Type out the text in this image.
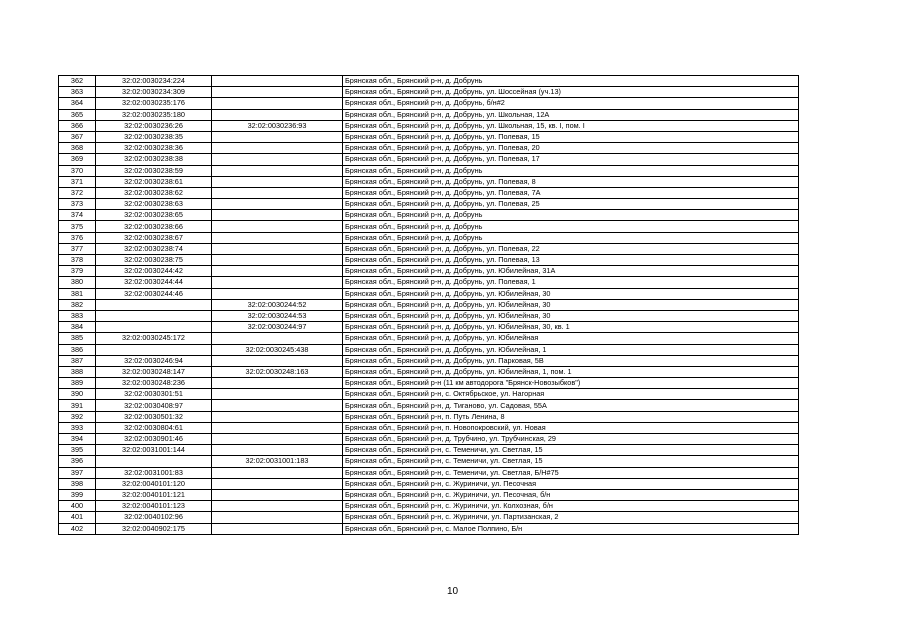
362	32:02:0030234:224		Брянская обл., Брянский р-н, д. Добрунь
363	32:02:0030234:309		Брянская обл., Брянский р-н, д. Добрунь, ул. Шоссейная (уч.13)
364	32:02:0030235:176		Брянская обл., Брянский р-н, д. Добрунь, б/н#2
365	32:02:0030235:180		Брянская обл., Брянский р-н, д. Добрунь, ул. Школьная, 12А
366	32:02:0030236:26	32:02:0030236:93	Брянская обл., Брянский р-н, д. Добрунь, ул. Школьная, 15, кв. I, пом. I
367	32:02:0030238:35		Брянская обл., Брянский р-н, д. Добрунь, ул. Полевая, 15
368	32:02:0030238:36		Брянская обл., Брянский р-н, д. Добрунь, ул. Полевая, 20
369	32:02:0030238:38		Брянская обл., Брянский р-н, д. Добрунь, ул. Полевая, 17
370	32:02:0030238:59		Брянская обл., Брянский р-н, д. Добрунь
371	32:02:0030238:61		Брянская обл., Брянский р-н, д. Добрунь, ул. Полевая, 8
372	32:02:0030238:62		Брянская обл., Брянский р-н, д. Добрунь, ул. Полевая, 7А
373	32:02:0030238:63		Брянская обл., Брянский р-н, д. Добрунь, ул. Полевая, 25
374	32:02:0030238:65		Брянская обл., Брянский р-н, д. Добрунь
375	32:02:0030238:66		Брянская обл., Брянский р-н, д. Добрунь
376	32:02:0030238:67		Брянская обл., Брянский р-н, д. Добрунь
377	32:02:0030238:74		Брянская обл., Брянский р-н, д. Добрунь, ул. Полевая, 22
378	32:02:0030238:75		Брянская обл., Брянский р-н, д. Добрунь, ул. Полевая, 13
379	32:02:0030244:42		Брянская обл., Брянский р-н, д. Добрунь, ул. Юбилейная, 31А
380	32:02:0030244:44		Брянская обл., Брянский р-н, д. Добрунь, ул. Полевая, 1
381	32:02:0030244:46		Брянская обл., Брянский р-н, д. Добрунь, ул. Юбилейная, 30
382		32:02:0030244:52	Брянская обл., Брянский р-н, д. Добрунь, ул. Юбилейная, 30
383		32:02:0030244:53	Брянская обл., Брянский р-н, д. Добрунь, ул. Юбилейная, 30
384		32:02:0030244:97	Брянская обл., Брянский р-н, д. Добрунь, ул. Юбилейная, 30, кв. 1
385	32:02:0030245:172		Брянская обл., Брянский р-н, д. Добрунь, ул. Юбилейная
386		32:02:0030245:438	Брянская обл., Брянский р-н, д. Добрунь, ул. Юбилейная, 1
387	32:02:0030246:94		Брянская обл., Брянский р-н, д. Добрунь, ул. Парковая, 5В
388	32:02:0030248:147	32:02:0030248:163	Брянская обл., Брянский р-н, д. Добрунь, ул. Юбилейная, 1, пом. 1
389	32:02:0030248:236		Брянская обл., Брянский р-н (11 км автодорога "Брянск-Новозыбков")
390	32:02:0030301:51		Брянская обл., Брянский р-н, с. Октябрьское, ул. Нагорная
391	32:02:0030408:97		Брянская обл., Брянский р-н, д. Тиганово, ул. Садовая, 55А
392	32:02:0030501:32		Брянская обл., Брянский р-н, п. Путь Ленина, 8
393	32:02:0030804:61		Брянская обл., Брянский р-н, п. Новопокровский, ул. Новая
394	32:02:0030901:46		Брянская обл., Брянский р-н, д. Трубчино, ул. Трубчинская, 29
395	32:02:0031001:144		Брянская обл., Брянский р-н, с. Теменичи, ул. Светлая, 15
396		32:02:0031001:183	Брянская обл., Брянский р-н, с. Теменичи, ул. Светлая, 15
397	32:02:0031001:83		Брянская обл., Брянский р-н, с. Теменичи, ул. Светлая, Б/Н#75
398	32:02:0040101:120		Брянская обл., Брянский р-н, с. Журиничи, ул. Песочная
399	32:02:0040101:121		Брянская обл., Брянский р-н, с. Журиничи, ул. Песочная, б/н
400	32:02:0040101:123		Брянская обл., Брянский р-н, с. Журиничи, ул. Колхозная, б/н
401	32:02:0040102:96		Брянская обл., Брянский р-н, с. Журиничи, ул. Партизанская, 2
402	32:02:0040902:175		Брянская обл., Брянский р-н, с. Малое Полпино, Б/н
10
